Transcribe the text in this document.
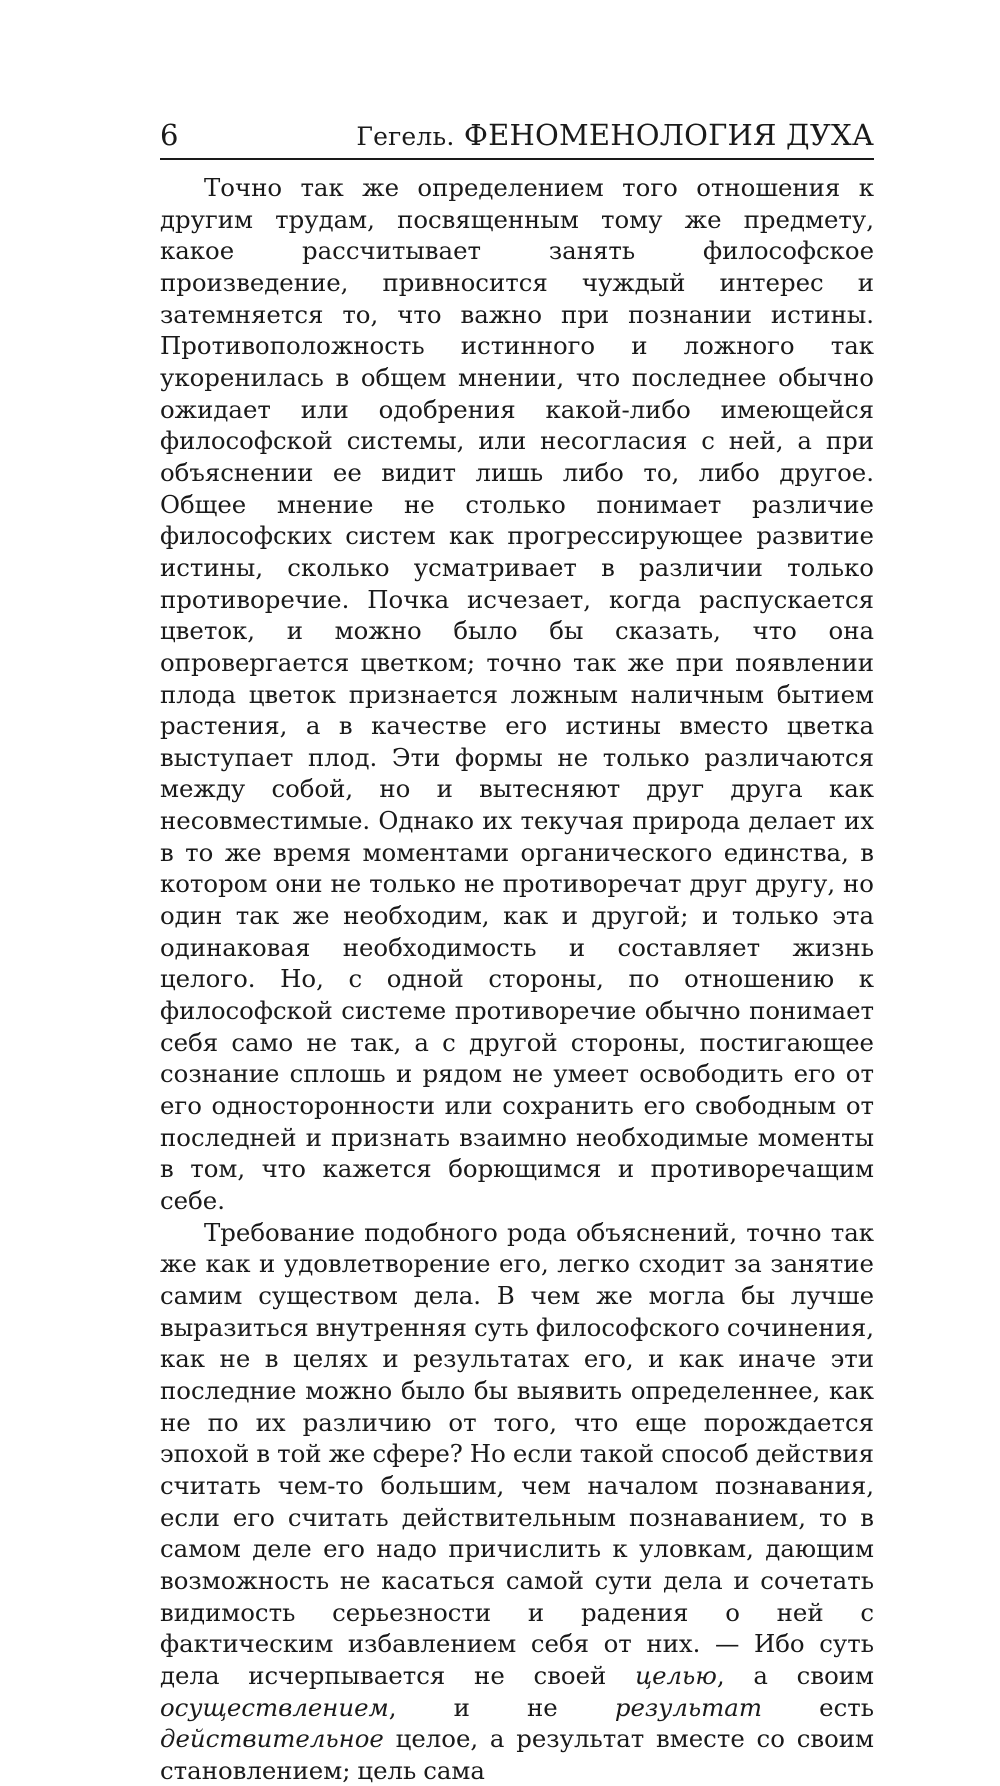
6	Гегель. ФЕНОМЕНОЛОГИЯ ДУХА

Точно так же определением того отношения к другим трудам, посвященным тому же предмету, какое рассчитывает занять философское произведение, привносится чуждый интерес и затемняется то, что важно при познании истины. Противоположность истинного и ложного так укоренилась в общем мнении, что последнее обычно ожидает или одобрения какой-либо имеющейся философской системы, или несогласия с ней, а при объяснении ее видит лишь либо то, либо другое. Общее мнение не столько понимает различие философских систем как прогрессирующее развитие истины, сколько усматривает в различии только противоречие. Почка исчезает, когда распускается цветок, и можно было бы сказать, что она опровергается цветком; точно так же при появлении плода цветок признается ложным наличным бытием растения, а в качестве его истины вместо цветка выступает плод. Эти формы не только различаются между собой, но и вытесняют друг друга как несовместимые. Однако их текучая природа делает их в то же время моментами органического единства, в котором они не только не противоречат друг другу, но один так же необходим, как и другой; и только эта одинаковая необходимость и составляет жизнь целого. Но, с одной стороны, по отношению к философской системе противоречие обычно понимает себя само не так, а с другой стороны, постигающее сознание сплошь и рядом не умеет освободить его от его односторонности или сохранить его свободным от последней и признать взаимно необходимые моменты в том, что кажется борющимся и противоречащим себе.

Требование подобного рода объяснений, точно так же как и удовлетворение его, легко сходит за занятие самим существом дела. В чем же могла бы лучше выразиться внутренняя суть философского сочинения, как не в целях и результатах его, и как иначе эти последние можно было бы выявить определеннее, как не по их различию от того, что еще порождается эпохой в той же сфере? Но если такой способ действия считать чем-то большим, чем началом познавания, если его считать действительным познаванием, то в самом деле его надо причислить к уловкам, дающим возможность не касаться самой сути дела и сочетать видимость серьезности и радения о ней с фактическим избавлением себя от них. — Ибо суть дела исчерпывается не своей целью, а своим осуществлением, и не результат есть действительное целое, а результат вместе со своим становлением; цель сама
